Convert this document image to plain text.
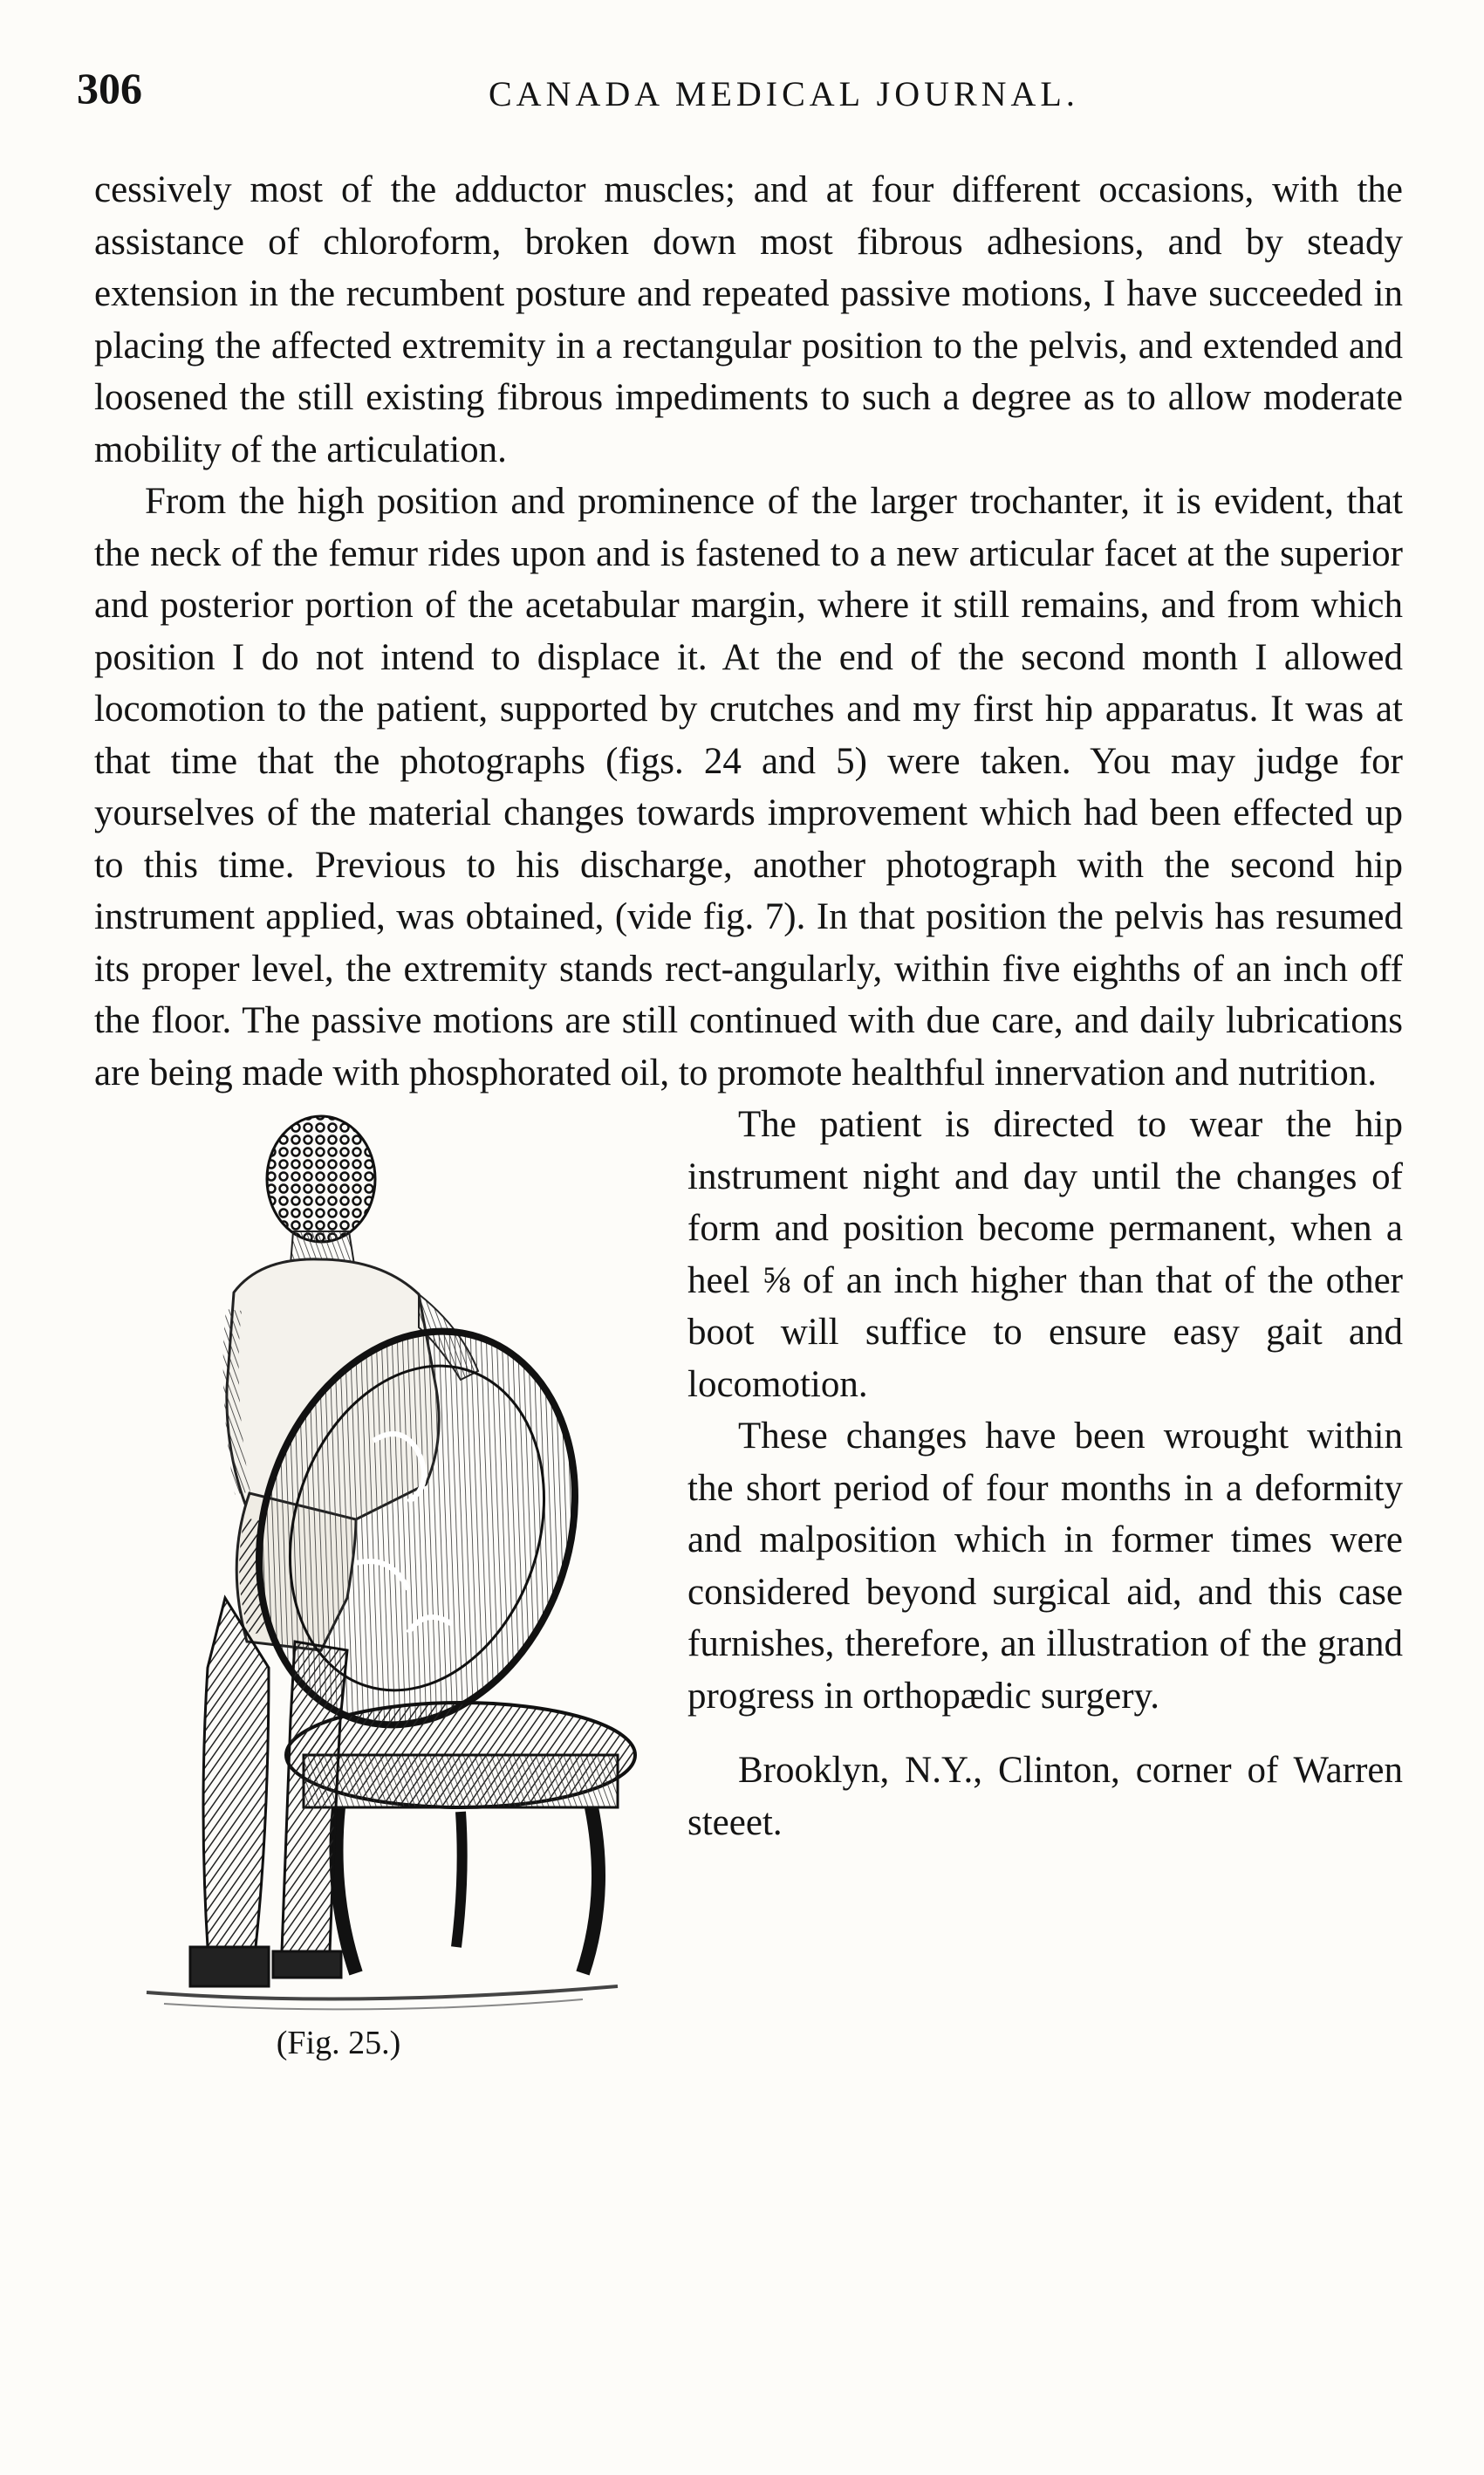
306	CANADA MEDICAL JOURNAL.

cessively most of the adductor muscles; and at four different occasions, with the assistance of chloroform, broken down most fibrous adhesions, and by steady extension in the recumbent posture and repeated passive motions, I have succeeded in placing the affected extremity in a rectangular position to the pelvis, and extended and loosened the still existing fibrous impediments to such a degree as to allow moderate mobility of the articulation.

From the high position and prominence of the larger trochanter, it is evident, that the neck of the femur rides upon and is fastened to a new articular facet at the superior and posterior portion of the acetabular margin, where it still remains, and from which position I do not intend to displace it. At the end of the second month I allowed locomotion to the patient, supported by crutches and my first hip apparatus. It was at that time that the photographs (figs. 24 and 5) were taken. You may judge for yourselves of the material changes towards improvement which had been effected up to this time. Previous to his discharge, another photograph with the second hip instrument applied, was obtained, (vide fig. 7). In that position the pelvis has resumed its proper level, the extremity stands rect-angularly, within five eighths of an inch off the floor. The passive motions are still continued with due care, and daily lubrications are being made with phosphorated oil, to promote healthful innervation and nutrition.

(Fig. 25.)

The patient is directed to wear the hip instrument night and day until the changes of form and position become permanent, when a heel ⅝ of an inch higher than that of the other boot will suffice to ensure easy gait and locomotion.

These changes have been wrought within the short period of four months in a deformity and malposition which in former times were considered beyond surgical aid, and this case furnishes, therefore, an illustration of the grand progress in orthopædic surgery.

Brooklyn, N.Y., Clinton, corner of Warren steeet.
